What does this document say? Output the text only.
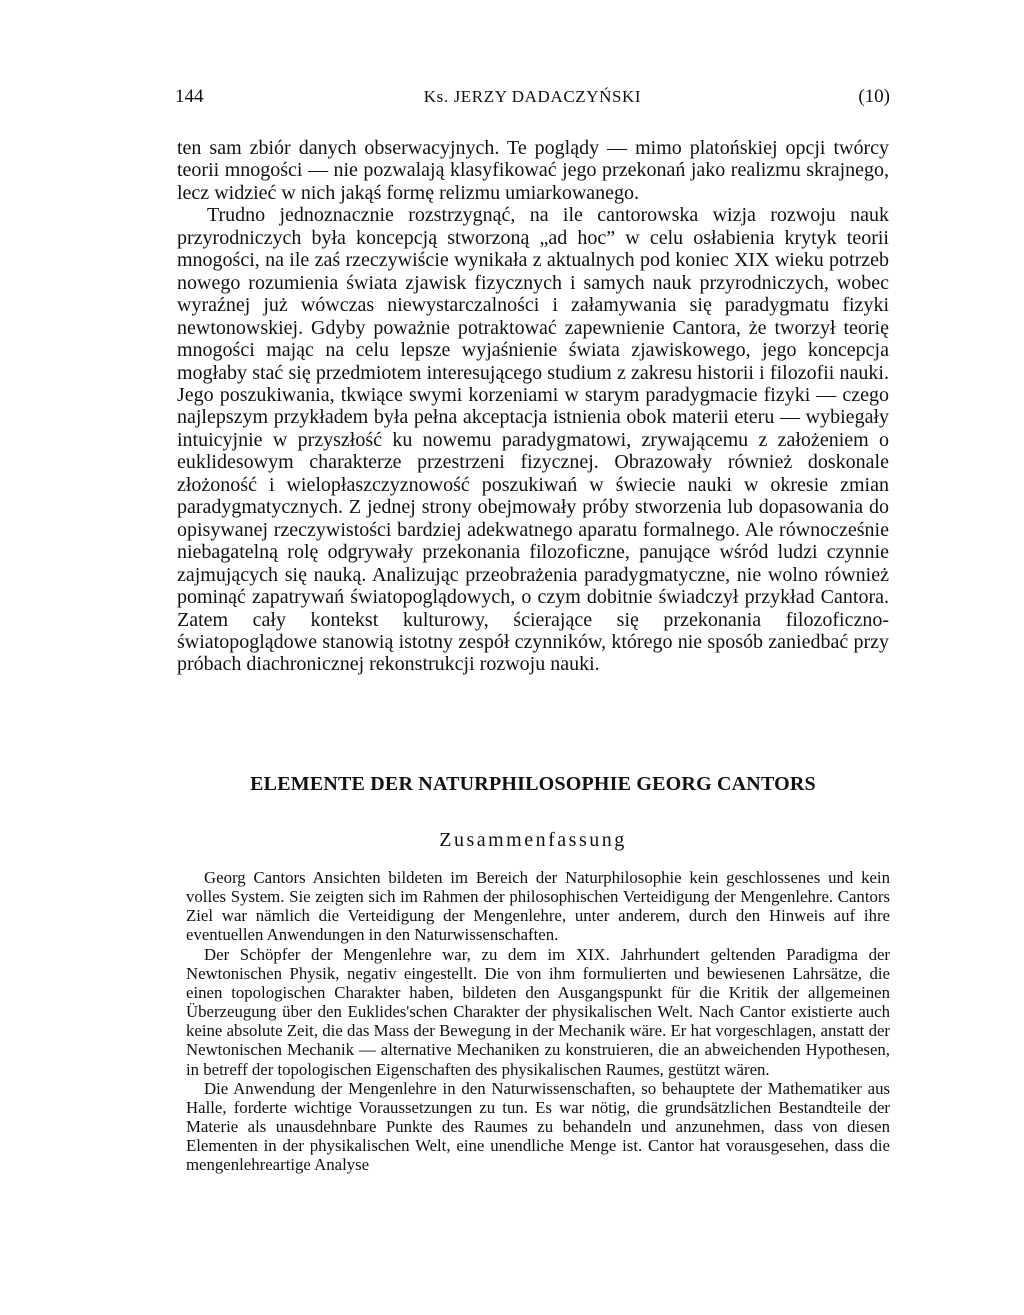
144	Ks. JERZY DADACZYŃSKI	(10)

ten sam zbiór danych obserwacyjnych. Te poglądy — mimo platońskiej opcji twórcy teorii mnogości — nie pozwalają klasyfikować jego przekonań jako realizmu skrajnego, lecz widzieć w nich jakąś formę relizmu umiarkowanego.

Trudno jednoznacznie rozstrzygnąć, na ile cantorowska wizja rozwoju nauk przyrodniczych była koncepcją stworzoną „ad hoc” w celu osłabienia krytyk teorii mnogości, na ile zaś rzeczywiście wynikała z aktualnych pod koniec XIX wieku potrzeb nowego rozumienia świata zjawisk fizycznych i samych nauk przyrodniczych, wobec wyraźnej już wówczas niewystarczalności i załamywania się paradygmatu fizyki newtonowskiej. Gdyby poważnie potraktować zapewnienie Cantora, że tworzył teorię mnogości mając na celu lepsze wyjaśnienie świata zjawiskowego, jego koncepcja mogłaby stać się przedmiotem interesującego studium z zakresu historii i filozofii nauki. Jego poszukiwania, tkwiące swymi korzeniami w starym paradygmacie fizyki — czego najlepszym przykładem była pełna akceptacja istnienia obok materii eteru — wybiegały intuicyjnie w przyszłość ku nowemu paradygmatowi, zrywającemu z założeniem o euklidesowym charakterze przestrzeni fizycznej. Obrazowały również doskonale złożoność i wielopłaszczyznowość poszukiwań w świecie nauki w okresie zmian paradygmatycznych. Z jednej strony obejmowały próby stworzenia lub dopasowania do opisywanej rzeczywistości bardziej adekwatnego aparatu formalnego. Ale równocześnie niebagatelną rolę odgrywały przekonania filozoficzne, panujące wśród ludzi czynnie zajmujących się nauką. Analizując przeobrażenia paradygmatyczne, nie wolno również pominąć zapatrywań światopoglądowych, o czym dobitnie świadczył przykład Cantora. Zatem cały kontekst kulturowy, ścierające się przekonania filozoficzno-światopoglądowe stanowią istotny zespół czynników, którego nie sposób zaniedbać przy próbach diachronicznej rekonstrukcji rozwoju nauki.

ELEMENTE DER NATURPHILOSOPHIE GEORG CANTORS
Zusammenfassung

Georg Cantors Ansichten bildeten im Bereich der Naturphilosophie kein geschlossenes und kein volles System. Sie zeigten sich im Rahmen der philosophischen Verteidigung der Mengenlehre. Cantors Ziel war nämlich die Verteidigung der Mengenlehre, unter anderem, durch den Hinweis auf ihre eventuellen Anwendungen in den Naturwissenschaften.

Der Schöpfer der Mengenlehre war, zu dem im XIX. Jahrhundert geltenden Paradigma der Newtonischen Physik, negativ eingestellt. Die von ihm formulierten und bewiesenen Lahrsätze, die einen topologischen Charakter haben, bildeten den Ausgangspunkt für die Kritik der allgemeinen Überzeugung über den Euklides'schen Charakter der physikalischen Welt. Nach Cantor existierte auch keine absolute Zeit, die das Mass der Bewegung in der Mechanik wäre. Er hat vorgeschlagen, anstatt der Newtonischen Mechanik — alternative Mechaniken zu konstruieren, die an abweichenden Hypothesen, in betreff der topologischen Eigenschaften des physikalischen Raumes, gestützt wären.

Die Anwendung der Mengenlehre in den Naturwissenschaften, so behauptete der Mathematiker aus Halle, forderte wichtige Voraussetzungen zu tun. Es war nötig, die grundsätzlichen Bestandteile der Materie als unausdehnbare Punkte des Raumes zu behandeln und anzunehmen, dass von diesen Elementen in der physikalischen Welt, eine unendliche Menge ist. Cantor hat vorausgesehen, dass die mengenlehreartige Analyse
